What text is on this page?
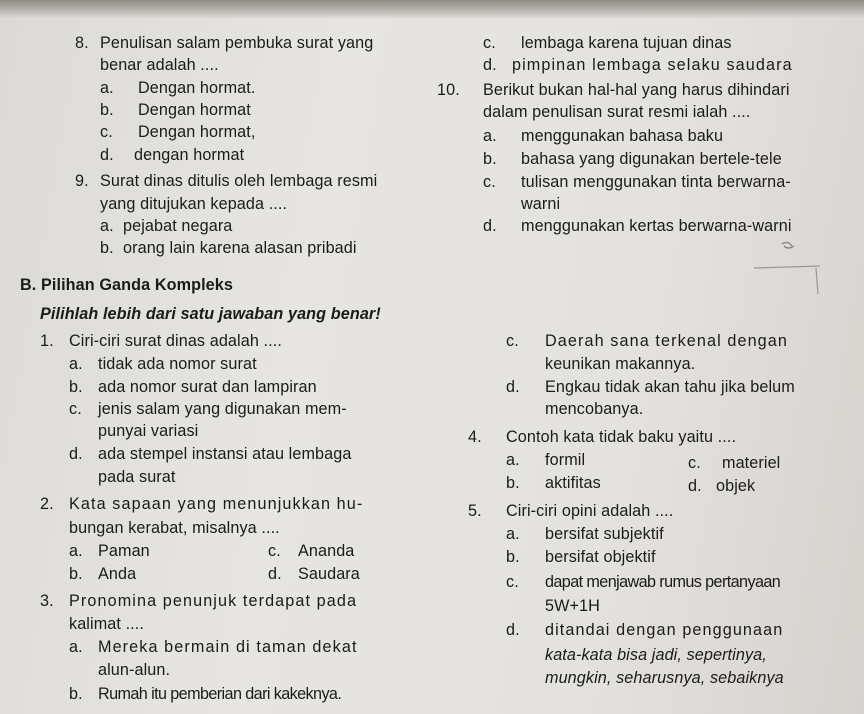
8. Penulisan salam pembuka surat yang
benar adalah ....
a. Dengan hormat.
b. Dengan hormat
c. Dengan hormat,
d. dengan hormat
9. Surat dinas ditulis oleh lembaga resmi
yang ditujukan kepada ....
a. pejabat negara
b. orang lain karena alasan pribadi
c. lembaga karena tujuan dinas
d. pimpinan lembaga selaku saudara
10. Berikut bukan hal-hal yang harus dihindari
dalam penulisan surat resmi ialah ....
a. menggunakan bahasa baku
b. bahasa yang digunakan bertele-tele
c. tulisan menggunakan tinta berwarna-
warni
d. menggunakan kertas berwarna-warni
B. Pilihan Ganda Kompleks
Pilihlah lebih dari satu jawaban yang benar!
1. Ciri-ciri surat dinas adalah ....
a. tidak ada nomor surat
b. ada nomor surat dan lampiran
c. jenis salam yang digunakan mem-
punyai variasi
d. ada stempel instansi atau lembaga
pada surat
2. Kata sapaan yang menunjukkan hu-
bungan kerabat, misalnya ....
a. Paman	c. Ananda
b. Anda	d. Saudara
3. Pronomina penunjuk terdapat pada
kalimat ....
a. Mereka bermain di taman dekat
alun-alun.
b. Rumah itu pemberian dari kakeknya.
c. Daerah sana terkenal dengan
keunikan makannya.
d. Engkau tidak akan tahu jika belum
mencobanya.
4. Contoh kata tidak baku yaitu ....
a. formil	c. materiel
b. aktifitas	d. objek
5. Ciri-ciri opini adalah ....
a. bersifat subjektif
b. bersifat objektif
c. dapat menjawab rumus pertanyaan
5W+1H
d. ditandai dengan penggunaan
kata-kata bisa jadi, sepertinya,
mungkin, seharusnya, sebaiknya
